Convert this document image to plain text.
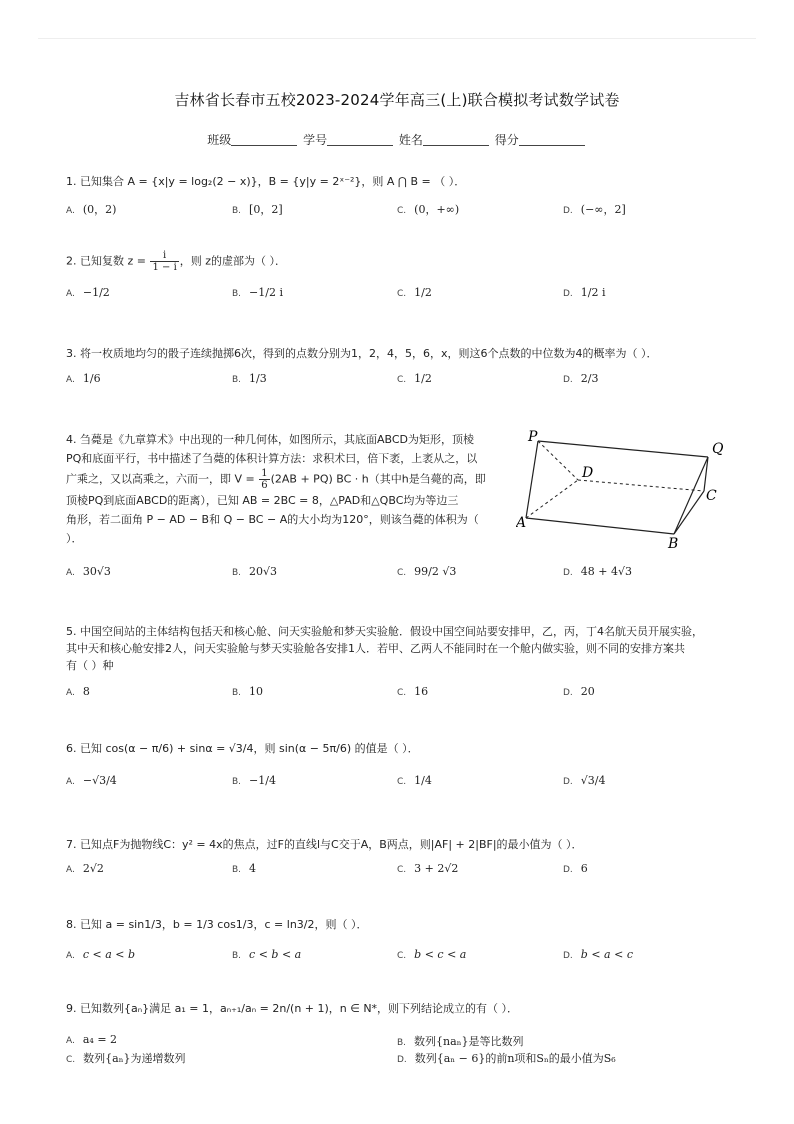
吉林省长春市五校2023-2024学年高三(上)联合模拟考试数学试卷
班级	学号	姓名	得分
1. 已知集合 A = {x|y = log₂(2 − x)}，B = {y|y = 2ˣ⁻²}，则 A ⋂ B = （ ）．
A. (0，2)	B. [0，2]	C. (0，+∞)	D. (−∞，2]
2. 已知复数 $z = \frac{i}{1 - i}$ ，则 z的虚部为（ ）．
A. −1/2	B. −1/2 i	C. 1/2	D. 1/2 i
3. 将一枚质地均匀的骰子连续抛掷6次，得到的点数分别为1，2，4，5，6，x，则这6个点数的中位数为4的概率为（ ）．
A. 1/6	B. 1/3	C. 1/2	D. 2/3
4. 刍薨是《九章算术》中出现的一种几何体，如图所示，其底面ABCD为矩形，顶棱
PQ和底面平行，书中描述了刍薨的体积计算方法：求积术曰，倍下袤，上袤从之，以
广乘之，又以高乘之，六而一，即 $V = \frac{1}{6} (2AB + PQ)$ BC · h（其中h是刍薨的高，即
顶棱PQ到底面ABCD的距离），已知 AB = 2BC = 8，△PAD和△QBC均为等边三
角形，若二面角 P − AD − B和 Q − BC − A的大小均为120°，则该刍薨的体积为（
）．
P
Q
D
C
A
B
A. 30√3	B. 20√3	C. 99/2 √3	D. 48 + 4√3
5. 中国空间站的主体结构包括天和核心舱、问天实验舱和梦天实验舱．假设中国空间站要安排甲，乙，丙，丁4名航天员开展实验，
其中天和核心舱安排2人，问天实验舱与梦天实验舱各安排1人．若甲、乙两人不能同时在一个舱内做实验，则不同的安排方案共
有（ ）种
A. 8	B. 10	C. 16	D. 20
6. 已知 cos(α − π/6) + sinα = √3/4，则 sin(α − 5π/6) 的值是（ ）．
A. −√3/4	B. −1/4	C. 1/4	D. √3/4
7. 已知点F为抛物线C：y² = 4x的焦点，过F的直线l与C交于A，B两点，则|AF| + 2|BF|的最小值为（ ）．
A. 2√2	B. 4	C. 3 + 2√2	D. 6
8. 已知 a = sin1/3，b = 1/3 cos1/3，c = ln3/2，则（ ）．
A. c < a < b	B. c < b < a	C. b < c < a	D. b < a < c
9. 已知数列{aₙ}满足 a₁ = 1，aₙ₊₁/aₙ = 2n/(n + 1)，n ∈ N*，则下列结论成立的有（ ）．
A. a₄ = 2	B. 数列{naₙ}是等比数列
C. 数列{aₙ}为递增数列	D. 数列{aₙ − 6}的前n项和Sₙ的最小值为S₆
